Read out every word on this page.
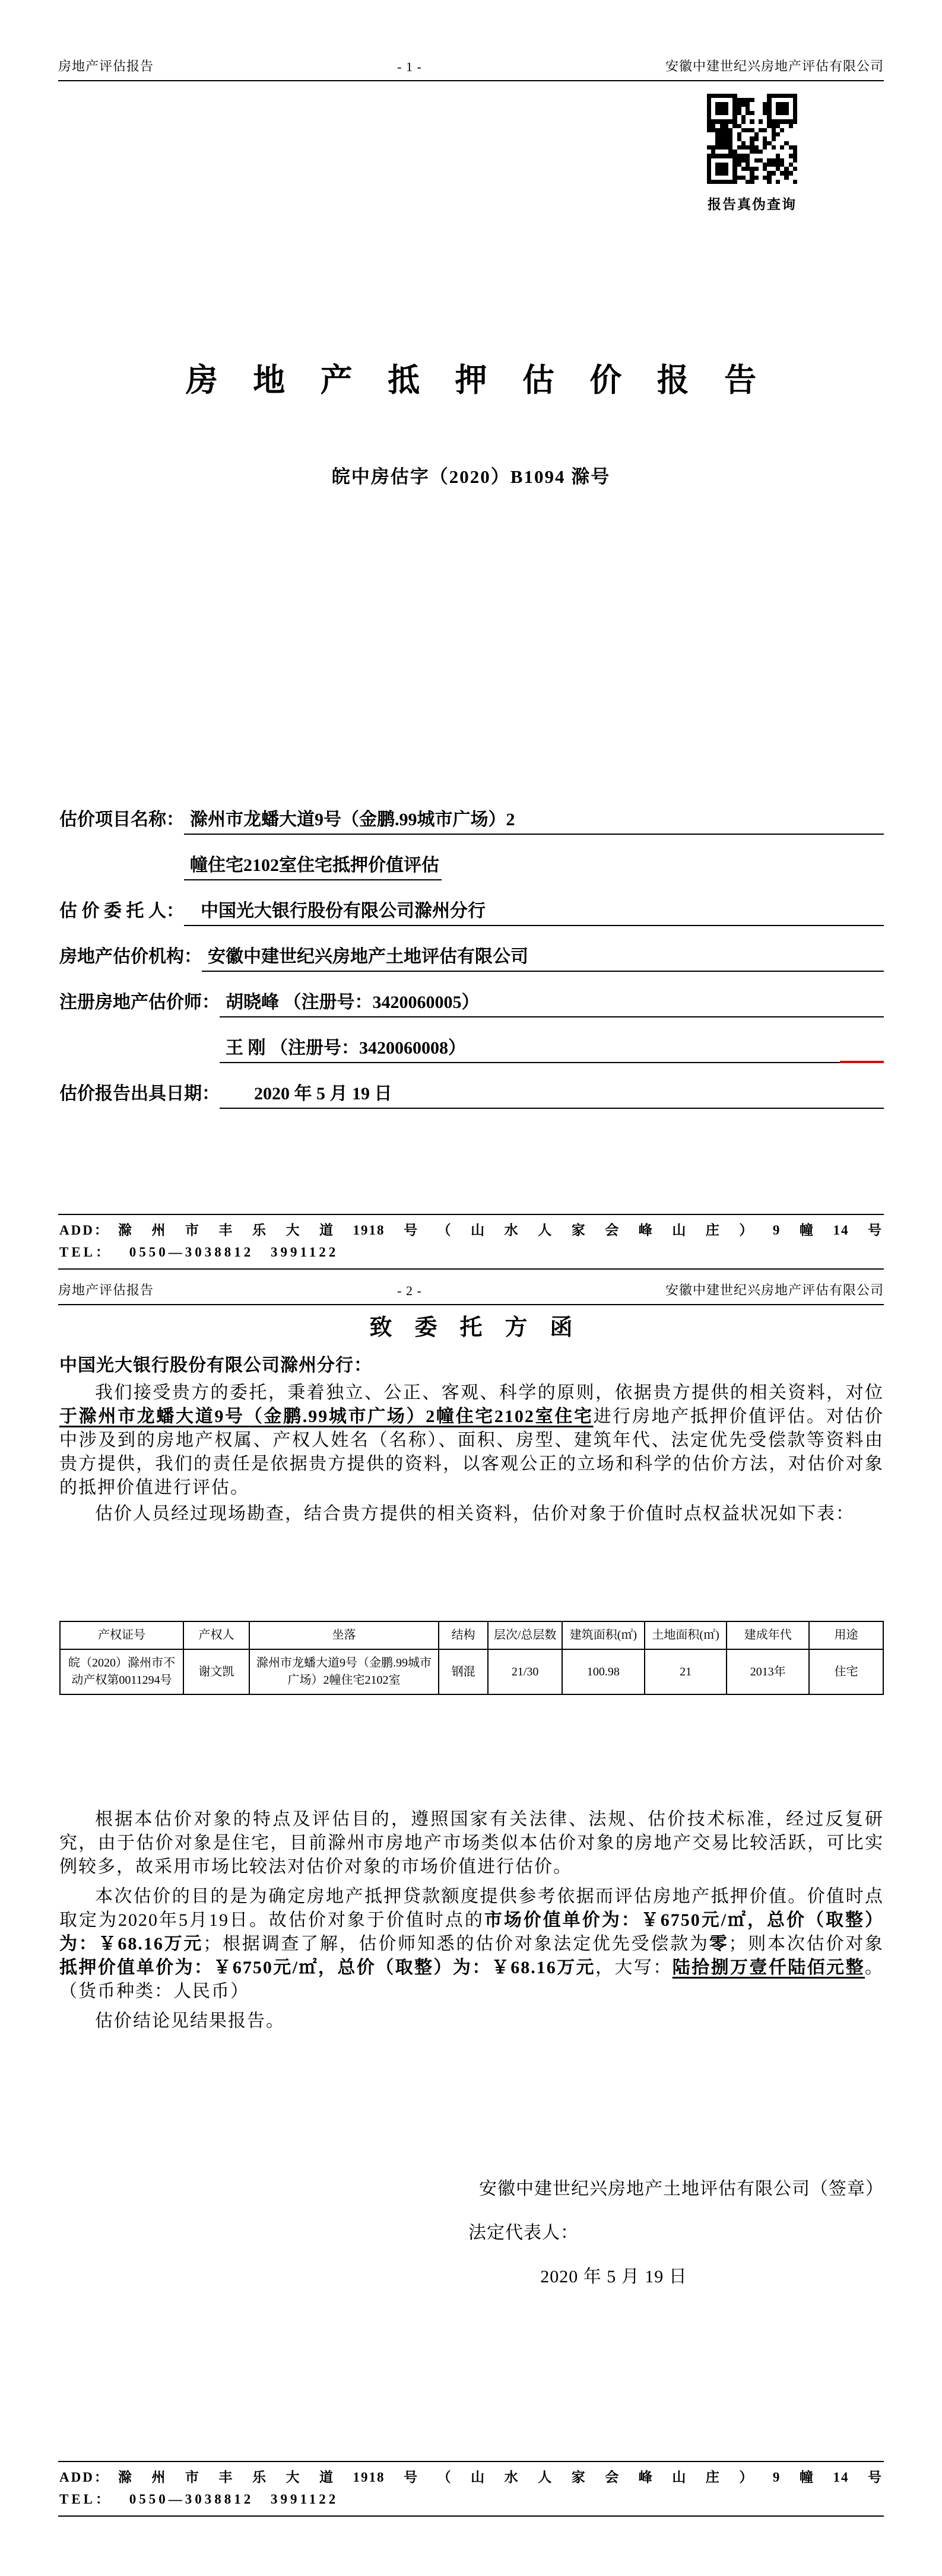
房地产评估报告	- 1 -	安徽中建世纪兴房地产评估有限公司
报告真伪查询
房地产抵押估价报告
皖中房估字（2020）B1094 滁号
估价项目名称： 滁州市龙蟠大道9号（金鹏.99城市广场）2
幢住宅2102室住宅抵押价值评估
估 价 委 托 人： 中国光大银行股份有限公司滁州分行
房地产估价机构： 安徽中建世纪兴房地产土地评估有限公司
注册房地产估价师： 胡晓峰 （注册号：3420060005）
王 刚 （注册号：3420060008）
估价报告出具日期：	2020 年 5 月 19 日
ADD： 滁州市丰乐大道1918号（山水人家会峰山庄）9幢14号
TEL： 0550—3038812 3991122
房地产评估报告	- 2 -	安徽中建世纪兴房地产评估有限公司
致委托方函
中国光大银行股份有限公司滁州分行：

我们接受贵方的委托，秉着独立、公正、客观、科学的原则，依据贵方提供的相关资料，对位于滁州市龙蟠大道9号（金鹏.99城市广场）2幢住宅2102室住宅进行房地产抵押价值评估。对估价中涉及到的房地产权属、产权人姓名（名称）、面积、房型、建筑年代、法定优先受偿款等资料由贵方提供，我们的责任是依据贵方提供的资料，以客观公正的立场和科学的估价方法，对估价对象的抵押价值进行评估。

估价人员经过现场勘查，结合贵方提供的相关资料，估价对象于价值时点权益状况如下表：

产权证号	产权人	坐落	结构	层次/总层数	建筑面积(㎡)	土地面积(㎡)	建成年代	用途
皖（2020）滁州市不动产权第0011294号	谢文凯	滁州市龙蟠大道9号（金鹏.99城市广场）2幢住宅2102室	钢混	21/30	100.98	21	2013年	住宅

根据本估价对象的特点及评估目的，遵照国家有关法律、法规、估价技术标准，经过反复研究，由于估价对象是住宅，目前滁州市房地产市场类似本估价对象的房地产交易比较活跃，可比实例较多，故采用市场比较法对估价对象的市场价值进行估价。

本次估价的目的是为确定房地产抵押贷款额度提供参考依据而评估房地产抵押价值。价值时点取定为2020年5月19日。故估价对象于价值时点的市场价值单价为：￥6750元/㎡，总价（取整）为：￥68.16万元；根据调查了解，估价师知悉的估价对象法定优先受偿款为零；则本次估价对象抵押价值单价为：￥6750元/㎡，总价（取整）为：￥68.16万元，大写：陆拾捌万壹仟陆佰元整。（货币种类：人民币）

估价结论见结果报告。

安徽中建世纪兴房地产土地评估有限公司（签章）
法定代表人：
2020 年 5 月 19 日
ADD： 滁州市丰乐大道1918号（山水人家会峰山庄）9幢14号
TEL： 0550—3038812 3991122
